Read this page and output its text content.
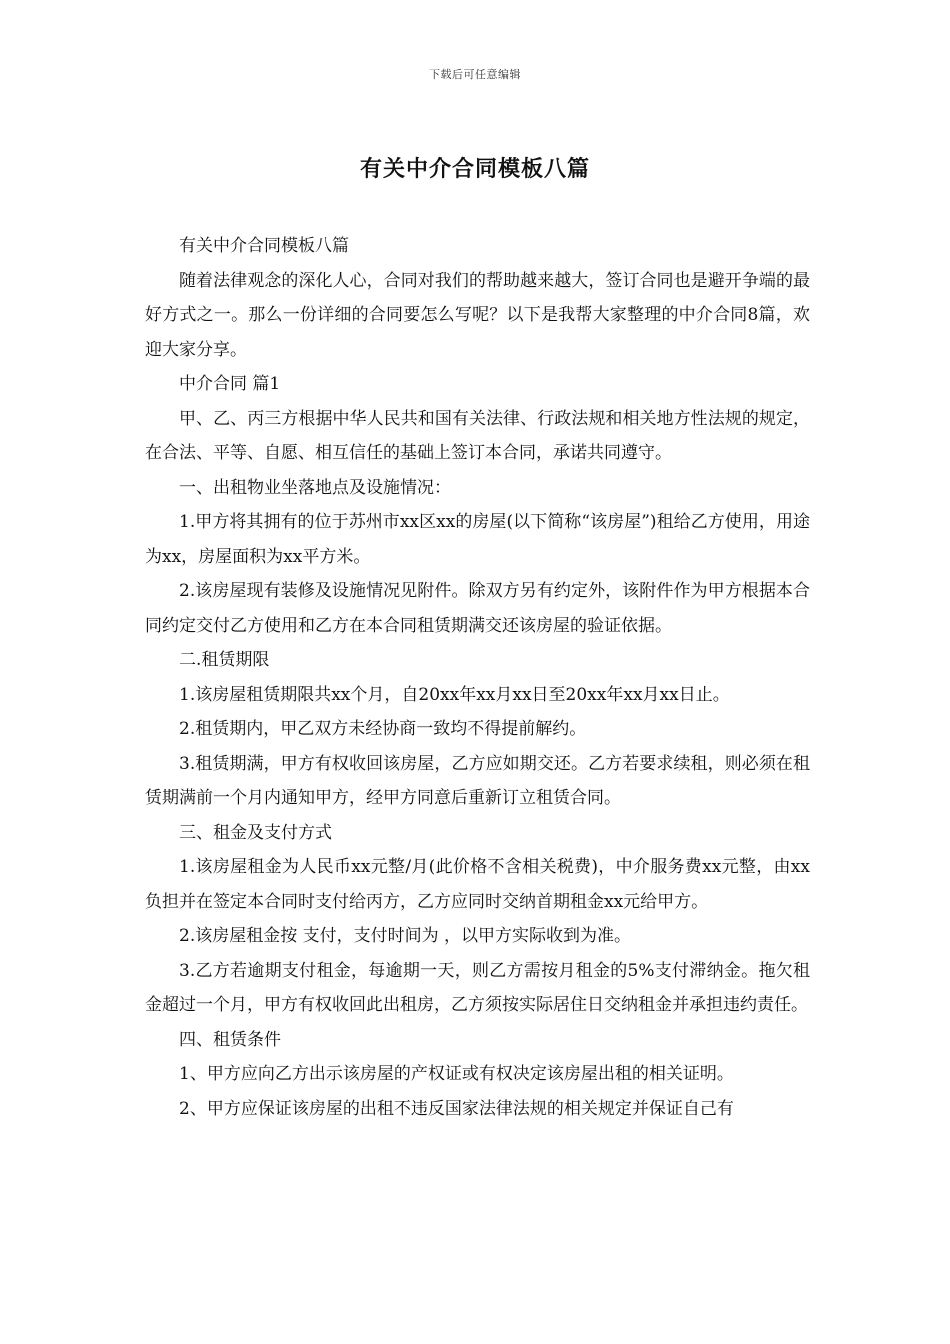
下载后可任意编辑
有关中介合同模板八篇

有关中介合同模板八篇

随着法律观念的深化人心，合同对我们的帮助越来越大，签订合同也是避开争端的最好方式之一。那么一份详细的合同要怎么写呢？以下是我帮大家整理的中介合同8篇，欢迎大家分享。

中介合同 篇1

甲、乙、丙三方根据中华人民共和国有关法律、行政法规和相关地方性法规的规定，在合法、平等、自愿、相互信任的基础上签订本合同，承诺共同遵守。

一、出租物业坐落地点及设施情况：

1.甲方将其拥有的位于苏州市xx区xx的房屋(以下简称“该房屋”)租给乙方使用，用途为xx，房屋面积为xx平方米。

2.该房屋现有装修及设施情况见附件。除双方另有约定外，该附件作为甲方根据本合同约定交付乙方使用和乙方在本合同租赁期满交还该房屋的验证依据。

二.租赁期限

1.该房屋租赁期限共xx个月，自20xx年xx月xx日至20xx年xx月xx日止。

2.租赁期内，甲乙双方未经协商一致均不得提前解约。

3.租赁期满，甲方有权收回该房屋，乙方应如期交还。乙方若要求续租，则必须在租赁期满前一个月内通知甲方，经甲方同意后重新订立租赁合同。

三、租金及支付方式

1.该房屋租金为人民币xx元整/月(此价格不含相关税费)，中介服务费xx元整，由xx负担并在签定本合同时支付给丙方，乙方应同时交纳首期租金xx元给甲方。

2.该房屋租金按 支付，支付时间为 ，以甲方实际收到为准。

3.乙方若逾期支付租金，每逾期一天，则乙方需按月租金的5%支付滞纳金。拖欠租金超过一个月，甲方有权收回此出租房，乙方须按实际居住日交纳租金并承担违约责任。

四、租赁条件

1、甲方应向乙方出示该房屋的产权证或有权决定该房屋出租的相关证明。

2、甲方应保证该房屋的出租不违反国家法律法规的相关规定并保证自己有
